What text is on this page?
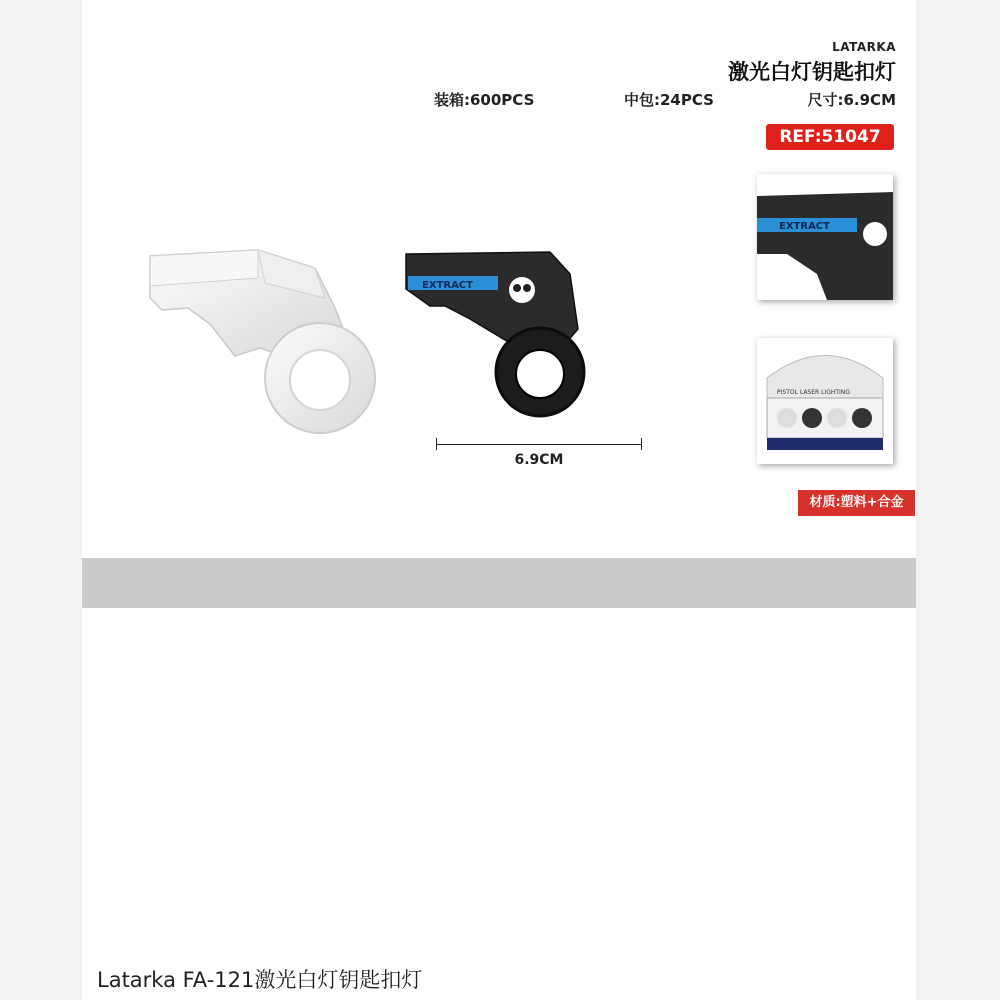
LATARKA
激光白灯钥匙扣灯
装箱:600PCS	中包:24PCS	尺寸:6.9CM
REF:51047
EXTRACT
6.9CM
EXTRACT
PISTOL LASER LIGHTING
材质:塑料+合金
Latarka FA-121激光白灯钥匙扣灯
